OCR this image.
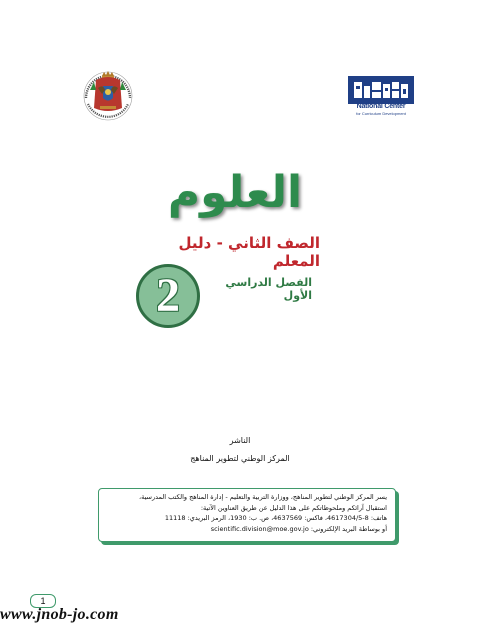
National Center
for Curriculum Development
العلوم
الصف الثاني - دليل المعلم
الفصل الدراسي الأول
2
الناشر
المركز الوطني لتطوير المناهج
يسر المركز الوطني لتطوير المناهج، ووزارة التربية والتعليم - إدارة المناهج والكتب المدرسية،
استقبال آرائكم وملحوظاتكم على هذا الدليل عن طريق العناوين الآتية:
هاتف: 8-4617304/5، فاكس: 4637569، ص. ب: 1930، الرمز البريدي: 11118
أو بوساطة البريد الإلكتروني: scientific.division@moe.gov.jo
1
www.jnob-jo.com
